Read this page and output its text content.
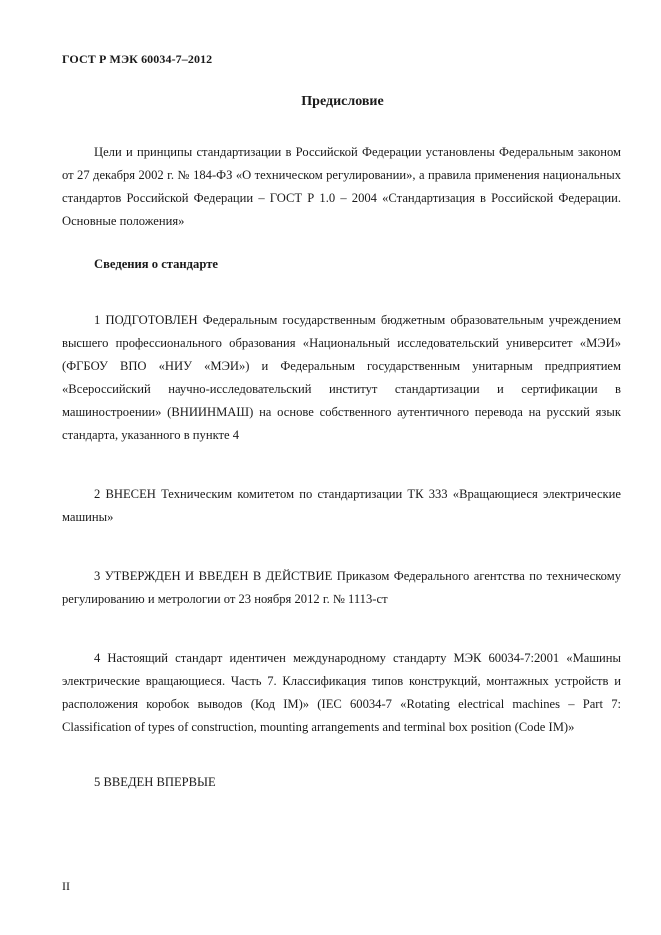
ГОСТ Р МЭК 60034-7–2012
Предисловие

Цели и принципы стандартизации в Российской Федерации установлены Федеральным законом от 27 декабря 2002 г. № 184-ФЗ «О техническом регулировании», а правила применения национальных стандартов Российской Федерации – ГОСТ Р 1.0 – 2004 «Стандартизация в Российской Федерации. Основные положения»

Сведения о стандарте

1 ПОДГОТОВЛЕН Федеральным государственным бюджетным образовательным учреждением высшего профессионального образования «Национальный исследовательский университет «МЭИ» (ФГБОУ ВПО «НИУ «МЭИ») и Федеральным государственным унитарным предприятием «Всероссийский научно-исследовательский институт стандартизации и сертификации в машиностроении» (ВНИИНМАШ) на основе собственного аутентичного перевода на русский язык стандарта, указанного в пункте 4

2 ВНЕСЕН Техническим комитетом по стандартизации ТК 333 «Вращающиеся электрические машины»

3 УТВЕРЖДЕН И ВВЕДЕН В ДЕЙСТВИЕ Приказом Федерального агентства по техническому регулированию и метрологии от 23 ноября 2012 г. № 1113-ст

4 Настоящий стандарт идентичен международному стандарту МЭК 60034-7:2001 «Машины электрические вращающиеся. Часть 7. Классификация типов конструкций, монтажных устройств и расположения коробок выводов (Код IM)» (IEC 60034-7 «Rotating electrical machines – Part 7: Classification of types of construction, mounting arrangements and terminal box position (Code IM)»

5 ВВЕДЕН ВПЕРВЫЕ

II
